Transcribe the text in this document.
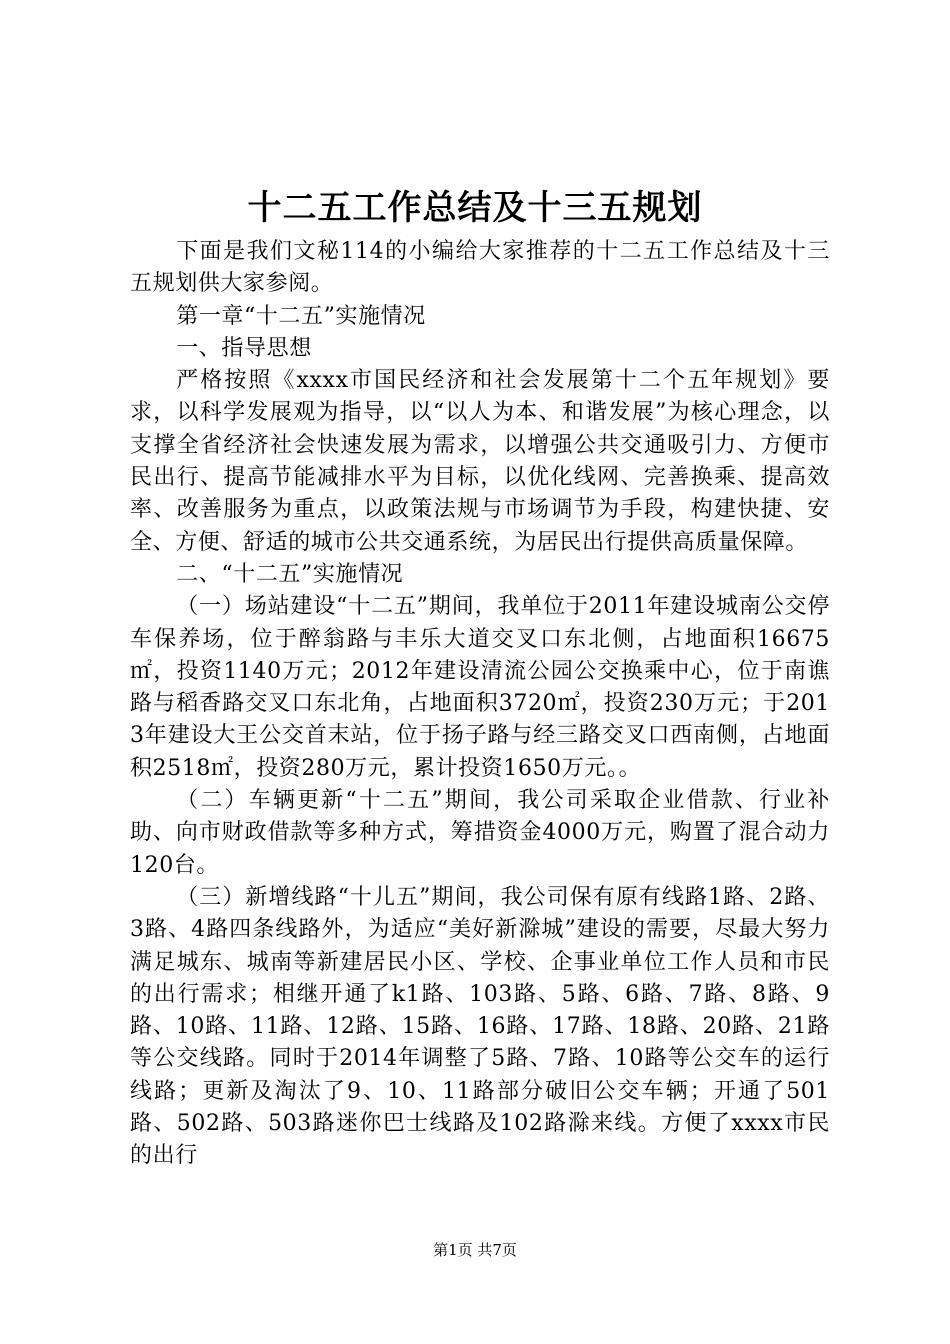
十二五工作总结及十三五规划

下面是我们文秘114的小编给大家推荐的十二五工作总结及十三五规划供大家参阅。

第一章“十二五”实施情况

一、指导思想

严格按照《xxxx市国民经济和社会发展第十二个五年规划》要求，以科学发展观为指导，以“以人为本、和谐发展”为核心理念，以支撑全省经济社会快速发展为需求，以增强公共交通吸引力、方便市民出行、提高节能减排水平为目标，以优化线网、完善换乘、提高效率、改善服务为重点，以政策法规与市场调节为手段，构建快捷、安全、方便、舒适的城市公共交通系统，为居民出行提供高质量保障。

二、“十二五”实施情况

（一）场站建设“十二五”期间，我单位于2011年建设城南公交停车保养场，位于醉翁路与丰乐大道交叉口东北侧，占地面积16675㎡，投资1140万元；2012年建设清流公园公交换乘中心，位于南谯路与稻香路交叉口东北角，占地面积3720㎡，投资230万元；于2013年建设大王公交首末站，位于扬子路与经三路交叉口西南侧，占地面积2518㎡，投资280万元，累计投资1650万元。。

（二）车辆更新“十二五”期间，我公司采取企业借款、行业补助、向市财政借款等多种方式，筹措资金4000万元，购置了混合动力120台。

（三）新增线路“十儿五”期间，我公司保有原有线路1路、2路、3路、4路四条线路外，为适应“美好新滁城”建设的需要，尽最大努力满足城东、城南等新建居民小区、学校、企事业单位工作人员和市民的出行需求；相继开通了k1路、103路、5路、6路、7路、8路、9路、10路、11路、12路、15路、16路、17路、18路、20路、21路等公交线路。同时于2014年调整了5路、7路、10路等公交车的运行线路；更新及淘汰了9、10、11路部分破旧公交车辆；开通了501路、502路、503路迷你巴士线路及102路滁来线。方便了xxxx市民的出行

第1页 共7页
